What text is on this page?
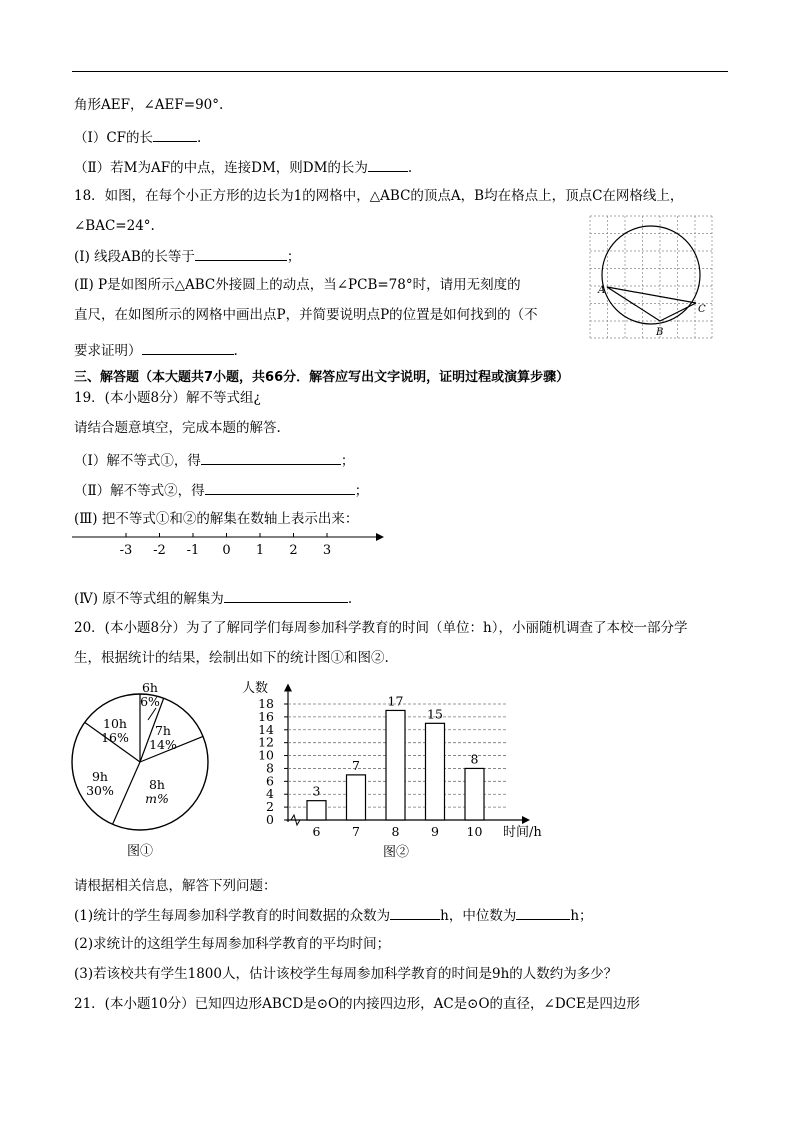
角形AEF，∠AEF=90°.
（Ⅰ）CF的长	.
（Ⅱ）若M为AF的中点，连接DM，则DM的长为	.
18．如图，在每个小正方形的边长为1的网格中，△ABC的顶点A，B均在格点上，顶点C在网格线上，
∠BAC=24°.
(Ⅰ) 线段AB的长等于	；
(Ⅱ) P是如图所示△ABC外接圆上的动点，当∠PCB=78°时，请用无刻度的
直尺，在如图所示的网格中画出点P，并简要说明点P的位置是如何找到的（不
要求证明）	.
A
B
C
三、解答题（本大题共7小题，共66分．解答应写出文字说明，证明过程或演算步骤）
19．(本小题8分）解不等式组¿
请结合题意填空，完成本题的解答.
（Ⅰ）解不等式①，得	；
（Ⅱ）解不等式②，得	；
(Ⅲ) 把不等式①和②的解集在数轴上表示出来：
-3 -2 -1 0 1 2 3
(Ⅳ) 原不等式组的解集为	.
20．(本小题8分）为了了解同学们每周参加科学教育的时间（单位：h），小丽随机调查了本校一部分学
生，根据统计的结果，绘制出如下的统计图①和图②.
6h
6%
7h
14%
8h
m%
9h
30%
10h
16%
图①
0
2
4
6
8
10
12
14
16
18
3
6
7
7
17
8
15
9
8
10
人数
时间/h
图②
请根据相关信息，解答下列问题：
(1)统计的学生每周参加科学教育的时间数据的众数为	h，中位数为	h；
(2)求统计的这组学生每周参加科学教育的平均时间；
(3)若该校共有学生1800人，估计该校学生每周参加科学教育的时间是9h的人数约为多少？
21．(本小题10分）已知四边形ABCD是⊙O的内接四边形，AC是⊙O的直径，∠DCE是四边形
